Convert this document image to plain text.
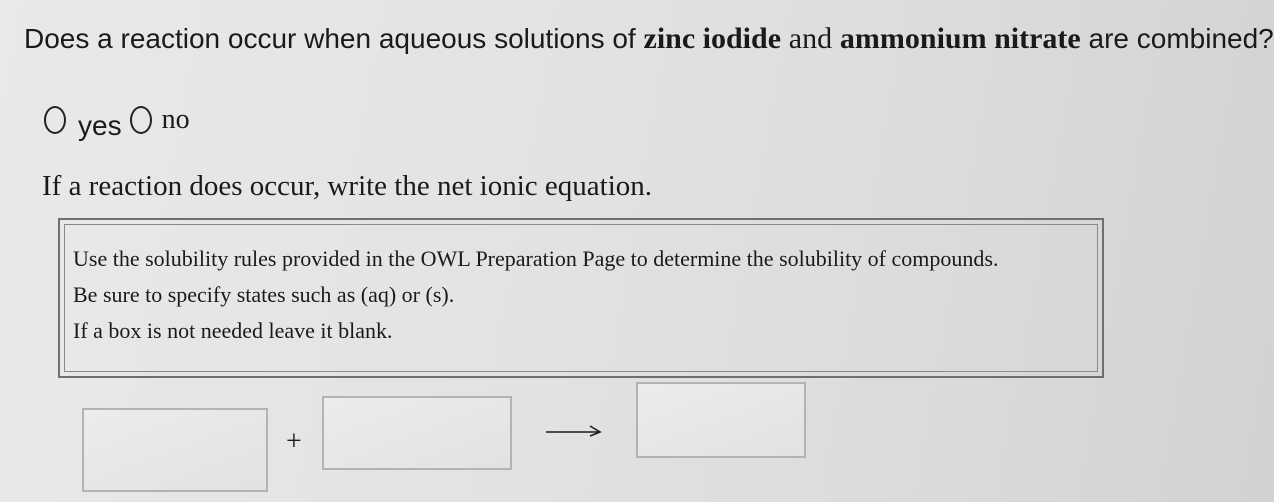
Does a reaction occur when aqueous solutions of zinc iodide and ammonium nitrate are combined?
yes no
If a reaction does occur, write the net ionic equation.
Use the solubility rules provided in the OWL Preparation Page to determine the solubility of compounds.
Be sure to specify states such as (aq) or (s).
If a box is not needed leave it blank.
+
